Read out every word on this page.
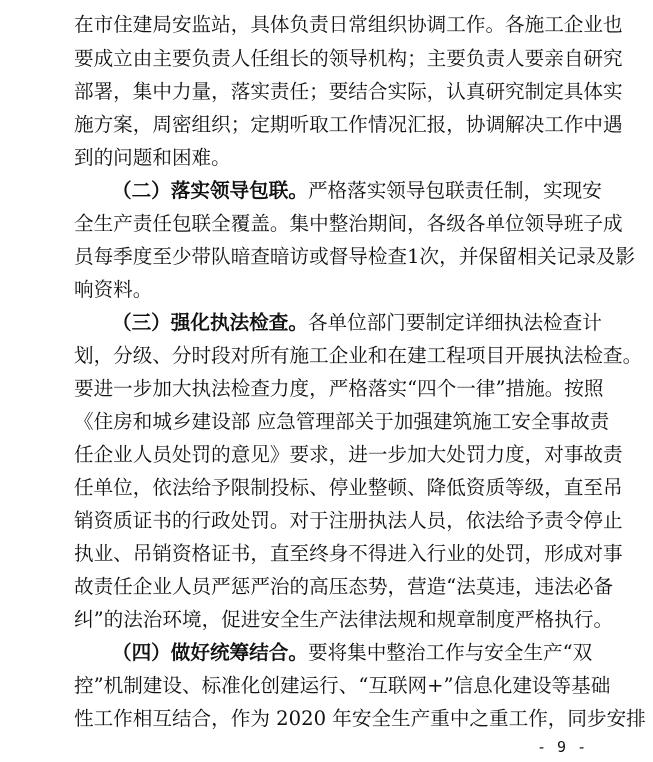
在市住建局安监站，具体负责日常组织协调工作。各施工企业也
要成立由主要负责人任组长的领导机构；主要负责人要亲自研究
部署，集中力量，落实责任；要结合实际，认真研究制定具体实
施方案，周密组织；定期听取工作情况汇报，协调解决工作中遇
到的问题和困难。
（二）落实领导包联。严格落实领导包联责任制，实现安
全生产责任包联全覆盖。集中整治期间，各级各单位领导班子成
员每季度至少带队暗查暗访或督导检查1次，并保留相关记录及影
响资料。
（三）强化执法检查。各单位部门要制定详细执法检查计
划，分级、分时段对所有施工企业和在建工程项目开展执法检查。
要进一步加大执法检查力度，严格落实“四个一律”措施。按照
《住房和城乡建设部 应急管理部关于加强建筑施工安全事故责
任企业人员处罚的意见》要求，进一步加大处罚力度，对事故责
任单位，依法给予限制投标、停业整顿、降低资质等级，直至吊
销资质证书的行政处罚。对于注册执法人员，依法给予责令停止
执业、吊销资格证书，直至终身不得进入行业的处罚，形成对事
故责任企业人员严惩严治的高压态势，营造“法莫违，违法必备
纠”的法治环境，促进安全生产法律法规和规章制度严格执行。
（四）做好统筹结合。要将集中整治工作与安全生产“双
控”机制建设、标准化创建运行、“互联网+”信息化建设等基础
性工作相互结合，作为 2020 年安全生产重中之重工作，同步安排
- 9 -
